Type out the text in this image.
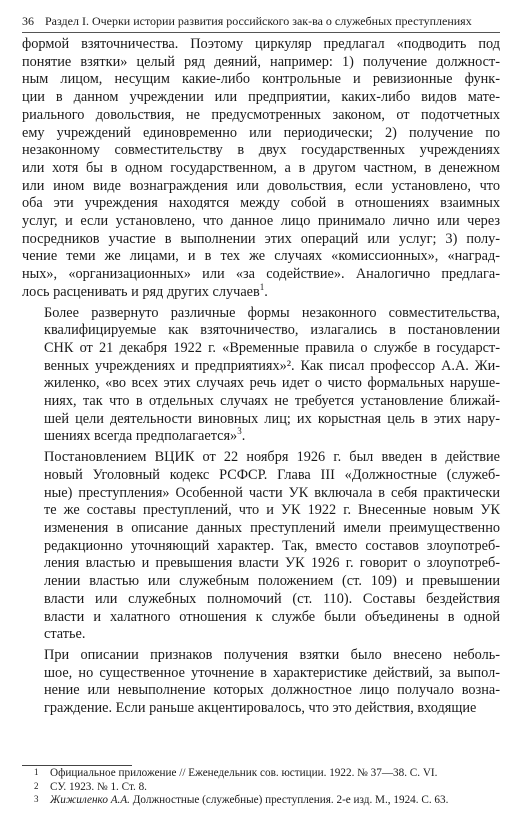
36 Раздел I. Очерки истории развития российского зак-ва о служебных преступлениях

формой взяточничества. Поэтому циркуляр предлагал «подводить под
понятие взятки» целый ряд деяний, например: 1) получение должност-
ным лицом, несущим какие-либо контрольные и ревизионные функ-
ции в данном учреждении или предприятии, каких-либо видов мате-
риального довольствия, не предусмотренных законом, от подотчетных
ему учреждений единовременно или периодически; 2) получение по
незаконному совместительству в двух государственных учреждениях
или хотя бы в одном государственном, а в другом частном, в денежном
или ином виде вознаграждения или довольствия, если установлено, что
оба эти учреждения находятся между собой в отношениях взаимных
услуг, и если установлено, что данное лицо принимало лично или через
посредников участие в выполнении этих операций или услуг; 3) полу-
чение теми же лицами, и в тех же случаях «комиссионных», «наград-
ных», «организационных» или «за содействие». Аналогично предлага-
лось расценивать и ряд других случаев$^1$.

Более развернуто различные формы незаконного совместительства,
квалифицируемые как взяточничество, излагались в постановлении
СНК от 21 декабря 1922 г. «Временные правила о службе в государст-
венных учреждениях и предприятиях»². Как писал профессор А.А. Жи-
жиленко, «во всех этих случаях речь идет о чисто формальных наруше-
ниях, так что в отдельных случаях не требуется установление ближай-
шей цели деятельности виновных лиц; их корыстная цель в этих нару-
шениях всегда предполагается»$^3$.

Постановлением ВЦИК от 22 ноября 1926 г. был введен в действие
новый Уголовный кодекс РСФСР. Глава III «Должностные (служеб-
ные) преступления» Особенной части УК включала в себя практически
те же составы преступлений, что и УК 1922 г. Внесенные новым УК
изменения в описание данных преступлений имели преимущественно
редакционно уточняющий характер. Так, вместо составов злоупотреб-
ления властью и превышения власти УК 1926 г. говорит о злоупотреб-
лении властью или служебным положением (ст. 109) и превышении
власти или служебных полномочий (ст. 110). Составы бездействия
власти и халатного отношения к службе были объединены в одной
статье.

При описании признаков получения взятки было внесено неболь-
шое, но существенное уточнение в характеристике действий, за выпол-
нение или невыполнение которых должностное лицо получало возна-
граждение. Если раньше акцентировалось, что это действия, входящие

1 Официальное приложение // Еженедельник сов. юстиции. 1922. № 37—38. С. VI.
2 СУ. 1923. № 1. Ст. 8.
3 Жижиленко А.А. Должностные (служебные) преступления. 2-е изд. М., 1924. С. 63.
